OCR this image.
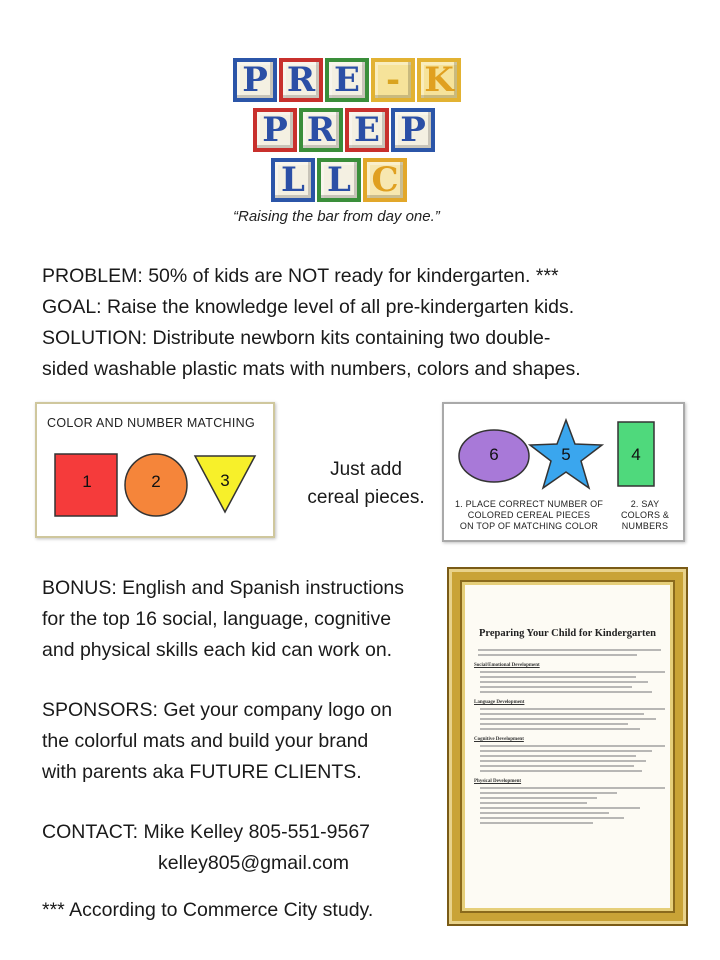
P R E - K
P R E P
L L C
“Raising the bar from day one.”
PROBLEM: 50% of kids are NOT ready for kindergarten. ***
GOAL: Raise the knowledge level of all pre-kindergarten kids.
SOLUTION: Distribute newborn kits containing two double-
sided washable plastic mats with numbers, colors and shapes.
COLOR AND NUMBER MATCHING
1	2	3
Just add
cereal pieces.
6	5	4
1. PLACE CORRECT NUMBER OF
COLORED CEREAL PIECES
ON TOP OF MATCHING COLOR
2. SAY
COLORS &
NUMBERS
BONUS: English and Spanish instructions
for the top 16 social, language, cognitive
and physical skills each kid can work on.
SPONSORS: Get your company logo on
the colorful mats and build your brand
with parents aka FUTURE CLIENTS.
CONTACT: Mike Kelley 805-551-9567
kelley805@gmail.com
*** According to Commerce City study.
Preparing Your Child for Kindergarten
Social/Emotional Development
Language Development
Cognitive Development
Physical Development
